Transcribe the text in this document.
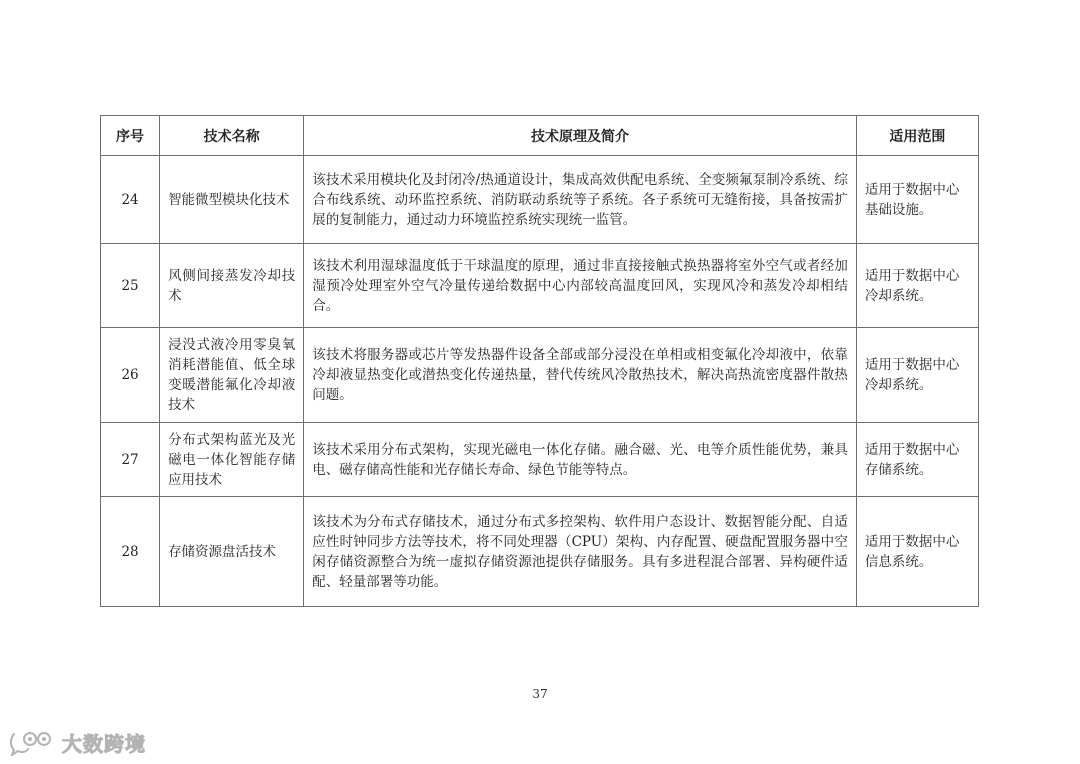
序号	技术名称	技术原理及简介	适用范围
24	智能微型模块化技术	该技术采用模块化及封闭冷/热通道设计，集成高效供配电系统、全变频氟泵制冷系统、综合布线系统、动环监控系统、消防联动系统等子系统。各子系统可无缝衔接，具备按需扩展的复制能力，通过动力环境监控系统实现统一监管。	适用于数据中心基础设施。
25	风侧间接蒸发冷却技术	该技术利用湿球温度低于干球温度的原理，通过非直接接触式换热器将室外空气或者经加湿预冷处理室外空气冷量传递给数据中心内部较高温度回风，实现风冷和蒸发冷却相结合。	适用于数据中心冷却系统。
26	浸没式液冷用零臭氧消耗潜能值、低全球变暖潜能氟化冷却液技术	该技术将服务器或芯片等发热器件设备全部或部分浸没在单相或相变氟化冷却液中，依靠冷却液显热变化或潜热变化传递热量，替代传统风冷散热技术，解决高热流密度器件散热问题。	适用于数据中心冷却系统。
27	分布式架构蓝光及光磁电一体化智能存储应用技术	该技术采用分布式架构，实现光磁电一体化存储。融合磁、光、电等介质性能优势，兼具电、磁存储高性能和光存储长寿命、绿色节能等特点。	适用于数据中心存储系统。
28	存储资源盘活技术	该技术为分布式存储技术，通过分布式多控架构、软件用户态设计、数据智能分配、自适应性时钟同步方法等技术，将不同处理器（CPU）架构、内存配置、硬盘配置服务器中空闲存储资源整合为统一虚拟存储资源池提供存储服务。具有多进程混合部署、异构硬件适配、轻量部署等功能。	适用于数据中心信息系统。
37
大数跨境
